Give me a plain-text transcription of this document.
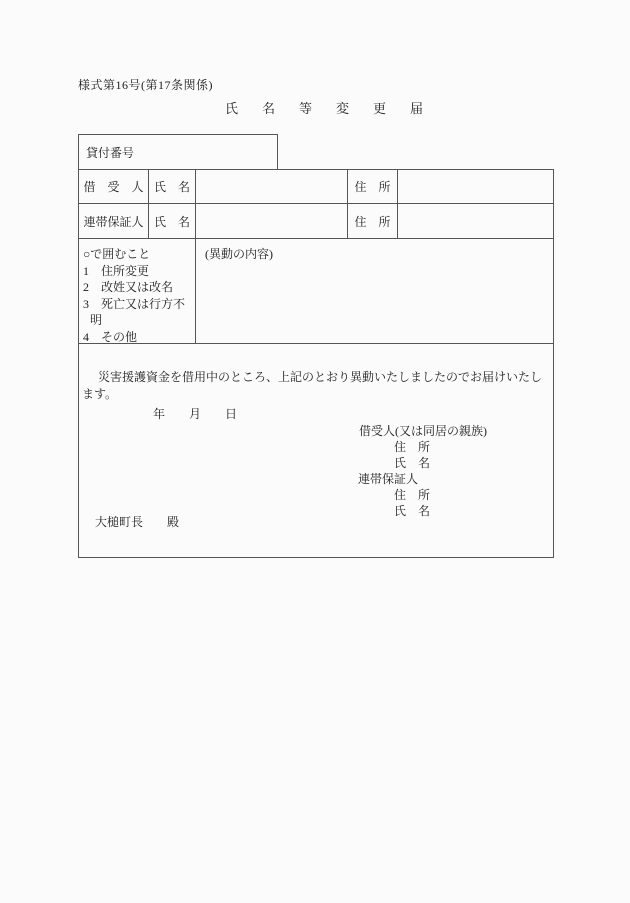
様式第16号(第17条関係)
氏名等変更届
貸付番号
借　受　人 氏　名	住　所
連帯保証人 氏　名	住　所
○で囲むこと
1　住所変更
2　改姓又は改名
3　死亡又は行方不明
4　その他
(異動の内容)
災害援護資金を借用中のところ、上記のとおり異動いたしましたのでお届けいたします。
年　　月　　日
借受人(又は同居の親族)
住　所
氏　名
連帯保証人
住　所
氏　名
大槌町長　　殿
